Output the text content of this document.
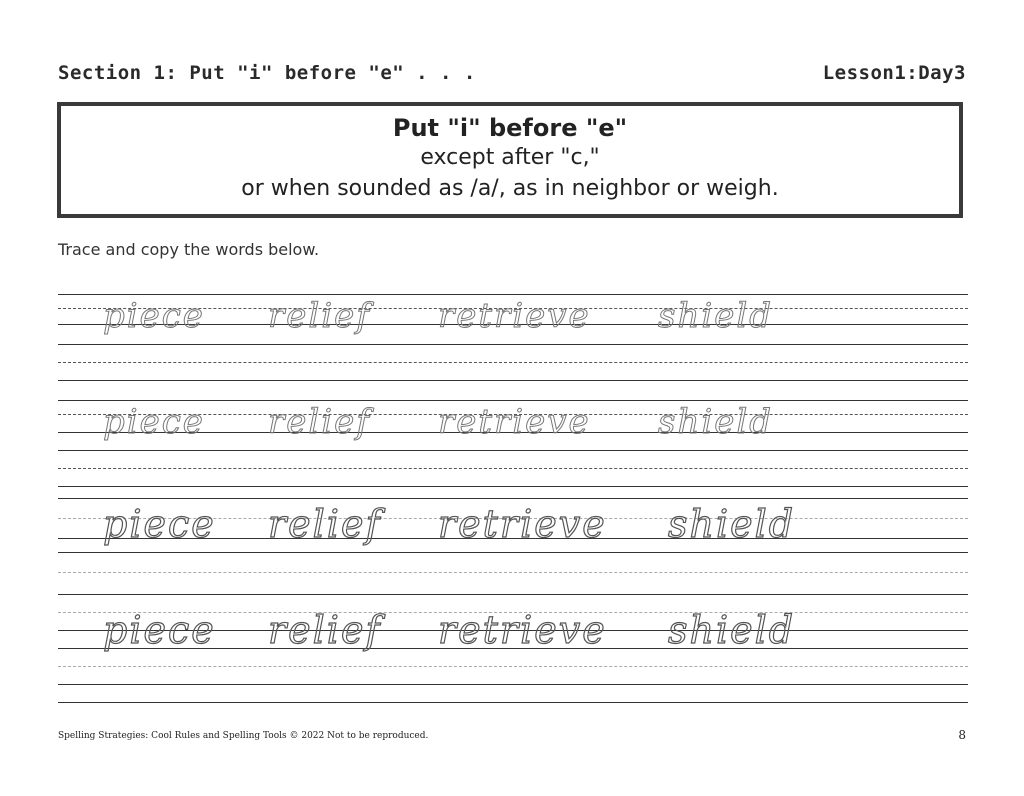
Section 1: Put "i" before "e" . . .	Lesson1:Day3
Put "i" before "e"
except after "c,"
or when sounded as /a/, as in neighbor or weigh.
Trace and copy the words below.
piece relief retrieve shield
piece relief retrieve shield
piece relief retrieve shield
piece relief retrieve shield
Spelling Strategies: Cool Rules and Spelling Tools © 2022 Not to be reproduced.	8
